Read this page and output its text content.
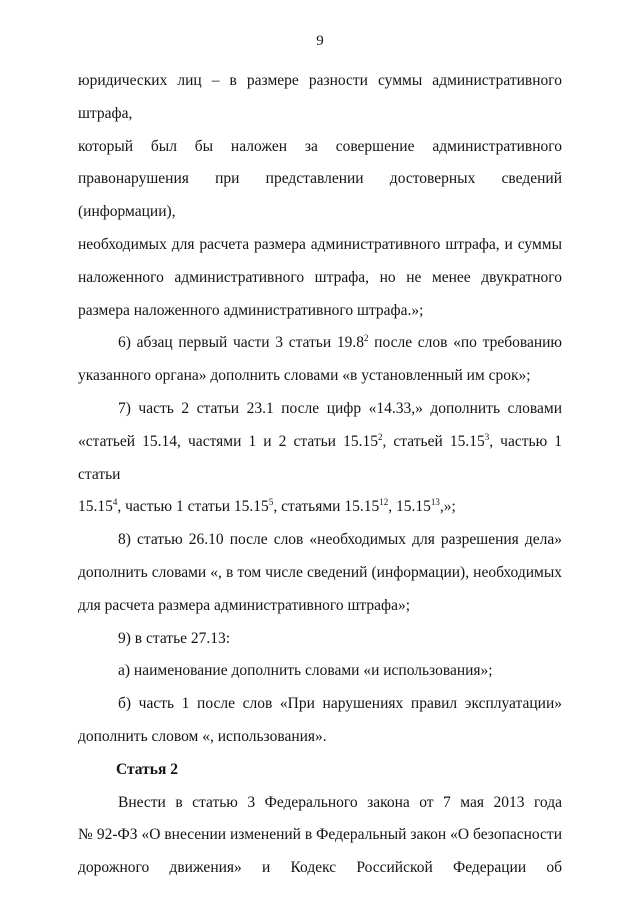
9
юридических лиц – в размере разности суммы административного штрафа,
который был бы наложен за совершение административного
правонарушения при представлении достоверных сведений (информации),
необходимых для расчета размера административного штрафа, и суммы
наложенного административного штрафа, но не менее двукратного
размера наложенного административного штрафа.»;
6) абзац первый части 3 статьи 19.8$^2$ после слов «по требованию
указанного органа» дополнить словами «в установленный им срок»;
7) часть 2 статьи 23.1 после цифр «14.33,» дополнить словами
«статьей 15.14, частями 1 и 2 статьи 15.15$^2$, статьей 15.15$^3$, частью 1 статьи
15.15$^4$, частью 1 статьи 15.15$^5$, статьями 15.15$^{12}$, 15.15$^{13}$,»;
8) статью 26.10 после слов «необходимых для разрешения дела»
дополнить словами «, в том числе сведений (информации), необходимых
для расчета размера административного штрафа»;
9) в статье 27.13:
а) наименование дополнить словами «и использования»;
б) часть 1 после слов «При нарушениях правил эксплуатации»
дополнить словом «, использования».
Статья 2
Внести в статью 3 Федерального закона от 7 мая 2013 года
№ 92-ФЗ «О внесении изменений в Федеральный закон «О безопасности
дорожного движения» и Кодекс Российской Федерации об
